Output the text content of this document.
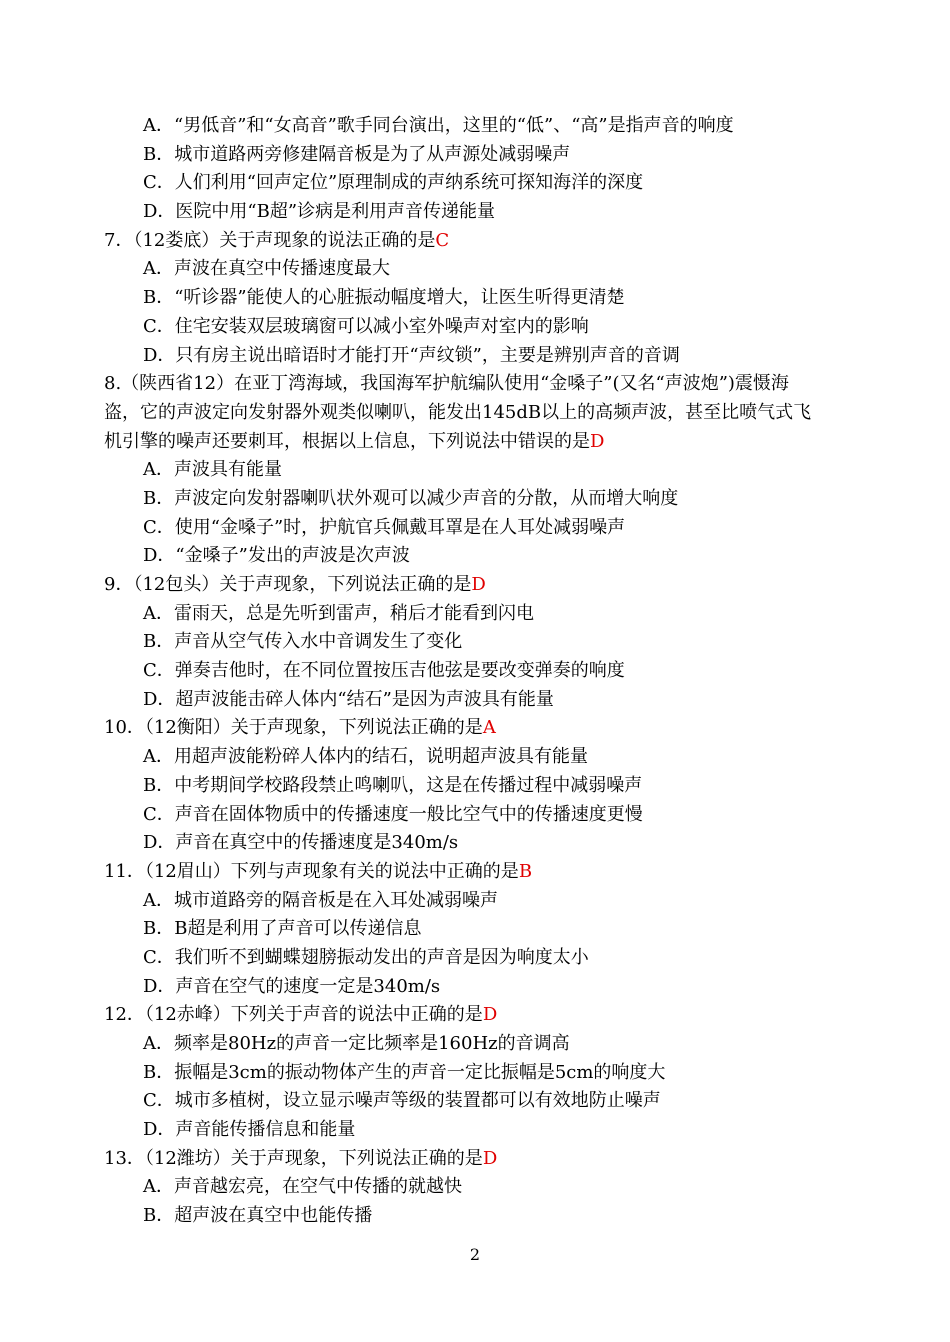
A．“男低音”和“女高音”歌手同台演出，这里的“低”、“高”是指声音的响度
B．城市道路两旁修建隔音板是为了从声源处减弱噪声
C．人们利用“回声定位”原理制成的声纳系统可探知海洋的深度
D．医院中用“B超”诊病是利用声音传递能量
7．（12娄底）关于声现象的说法正确的是C
A．声波在真空中传播速度最大
B．“听诊器”能使人的心脏振动幅度增大，让医生听得更清楚
C．住宅安装双层玻璃窗可以减小室外噪声对室内的影响
D．只有房主说出暗语时才能打开“声纹锁”，主要是辨别声音的音调
8.（陕西省12）在亚丁湾海域，我国海军护航编队使用“金嗓子”(又名“声波炮”)震慑海
盗，它的声波定向发射器外观类似喇叭，能发出145dB以上的高频声波，甚至比喷气式飞
机引擎的噪声还要刺耳，根据以上信息，下列说法中错误的是D
A．声波具有能量
B．声波定向发射器喇叭状外观可以减少声音的分散，从而增大响度
C．使用“金嗓子”时，护航官兵佩戴耳罩是在人耳处减弱噪声
D．“金嗓子”发出的声波是次声波
9．（12包头）关于声现象，下列说法正确的是D
A．雷雨天，总是先听到雷声，稍后才能看到闪电
B．声音从空气传入水中音调发生了变化
C．弹奏吉他时，在不同位置按压吉他弦是要改变弹奏的响度
D．超声波能击碎人体内“结石”是因为声波具有能量
10．（12衡阳）关于声现象，下列说法正确的是A
A．用超声波能粉碎人体内的结石，说明超声波具有能量
B．中考期间学校路段禁止鸣喇叭，这是在传播过程中减弱噪声
C．声音在固体物质中的传播速度一般比空气中的传播速度更慢
D．声音在真空中的传播速度是340m/s
11．（12眉山）下列与声现象有关的说法中正确的是B
A．城市道路旁的隔音板是在入耳处减弱噪声
B．B超是利用了声音可以传递信息
C．我们听不到蝴蝶翅膀振动发出的声音是因为响度太小
D．声音在空气的速度一定是340m/s
12．（12赤峰）下列关于声音的说法中正确的是D
A．频率是80Hz的声音一定比频率是160Hz的音调高
B．振幅是3cm的振动物体产生的声音一定比振幅是5cm的响度大
C．城市多植树，设立显示噪声等级的装置都可以有效地防止噪声
D．声音能传播信息和能量
13．（12潍坊）关于声现象，下列说法正确的是D
A．声音越宏亮，在空气中传播的就越快
B．超声波在真空中也能传播
2
